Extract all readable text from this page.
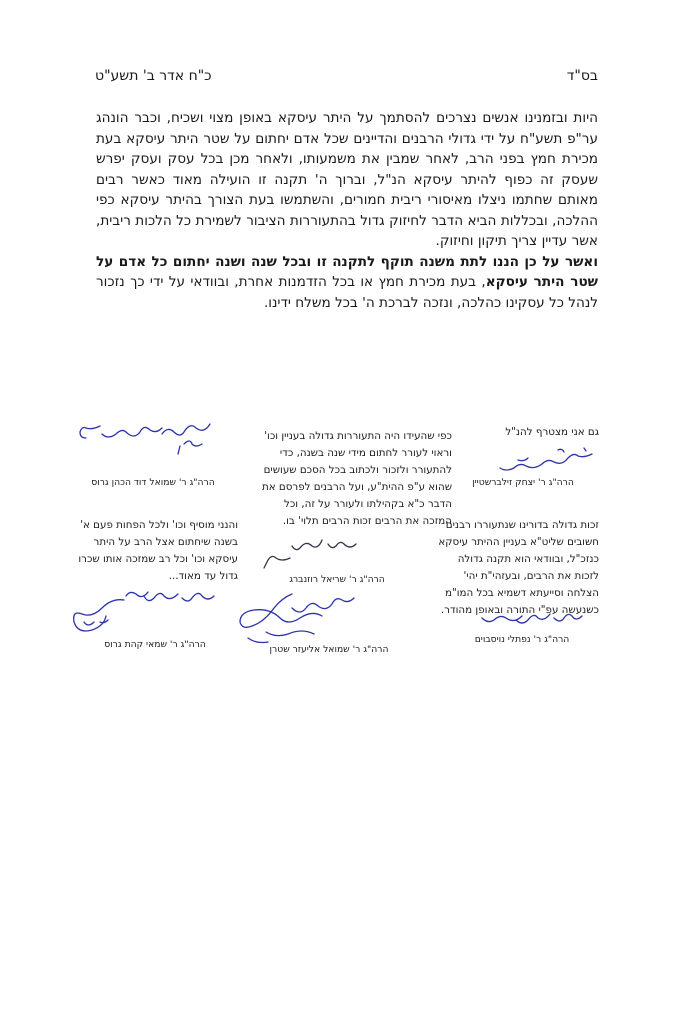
בס"ד
כ"ח אדר ב' תשע"ט

היות ובזמנינו אנשים נצרכים להסתמך על היתר עיסקא באופן מצוי ושכיח, וכבר הונהג ער"פ תשע"ח על ידי גדולי הרבנים והדיינים שכל אדם יחתום על שטר היתר עיסקא בעת מכירת חמץ בפני הרב, לאחר שמבין את משמעותו, ולאחר מכן בכל עסק ועסק יפרש שעסק זה כפוף להיתר עיסקא הנ"ל, וברוך ה' תקנה זו הועילה מאוד כאשר רבים מאותם שחתמו ניצלו מאיסורי ריבית חמורים, והשתמשו בעת הצורך בהיתר עיסקא כפי ההלכה, ובכללות הביא הדבר לחיזוק גדול בהתעוררות הציבור לשמירת כל הלכות ריבית, אשר עדיין צריך תיקון וחיזוק.

ואשר על כן הננו לתת משנה תוקף לתקנה זו ובכל שנה ושנה יחתום כל אדם על שטר היתר עיסקא, בעת מכירת חמץ או בכל הזדמנות אחרת, ובוודאי על ידי כך נזכור לנהל כל עסקינו כהלכה, ונזכה לברכת ה' בכל משלח ידינו.

גם אני מצטרף להנ"ל
יצחק זילברשטיין
הרה"ג ר' יצחק זילברשטיין
כפי שהעידו היה התעוררות גדולה בעניין וכו' וראוי לעורר לחתום מידי שנה בשנה, כדי להתעורר ולזכור ולכתוב בכל הסכם שעושים שהוא ע"פ ההית"ע, ועל הרבנים לפרסם את הדבר כ"א בקהילתו ולעורר על זה, וכל המזכה את הרבים זכות הרבים תלוי' בו.
שמואל דוד הכהן גרוס
הרה"ג ר' שמואל דוד הכהן גרוס
זכות גדולה בדורינו שנתעוררו רבנים חשובים שליט"א בעניין ההיתר עיסקא כנזכ"ל, ובוודאי הוא תקנה גדולה לזכות את הרבים, ובעזהי"ת יהי' הצלחה וסייעתא דשמיא בכל המו"מ כשנעשה עפ"י התורה ובאופן מהודר.
נפתלי נויסבויים
הרה"ג ר' נפתלי נויסבוים
שריאל רוזנברג
הרה"ג ר' שריאל רוזנברג
שמואל אליעזר שטרן
הרה"ג ר' שמואל אליעזר שטרן
והנני מוסיף וכו' ולכל הפחות פעם א' בשנה שיחתום אצל הרב על היתר עיסקא וכו' וכל רב שמזכה אותו שכרו גדול עד מאוד...
שמאי קהת גרוס
הרה"ג ר' שמאי קהת גרוס
